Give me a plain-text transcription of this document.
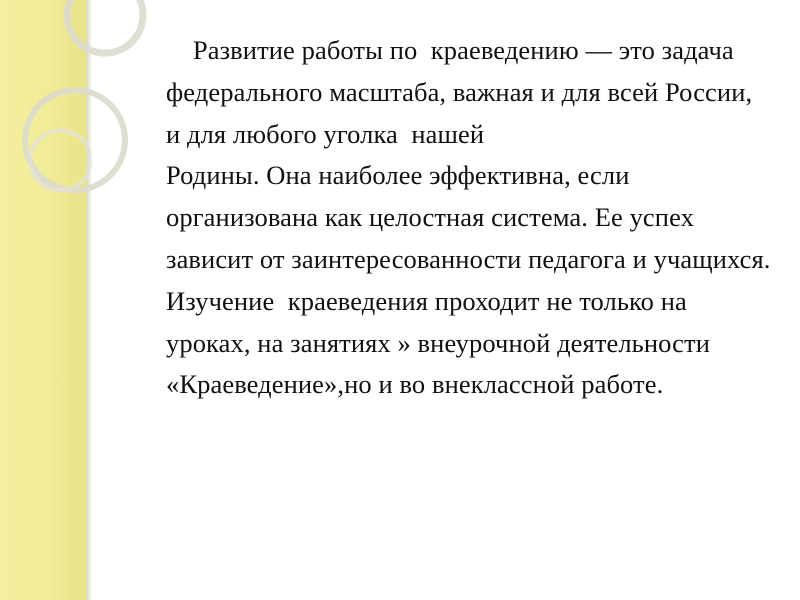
Развитие работы по  краеведению — это задача федерального масштаба, важная и для всей России,  и для любого уголка  нашей
Родины. Она наиболее эффективна, если организована как целостная система. Ее успех зависит от заинтересованности педагога и учащихся. Изучение  краеведения проходит не только на уроках, на занятиях » внеурочной деятельности «Краеведение»,но и во внеклассной работе.
